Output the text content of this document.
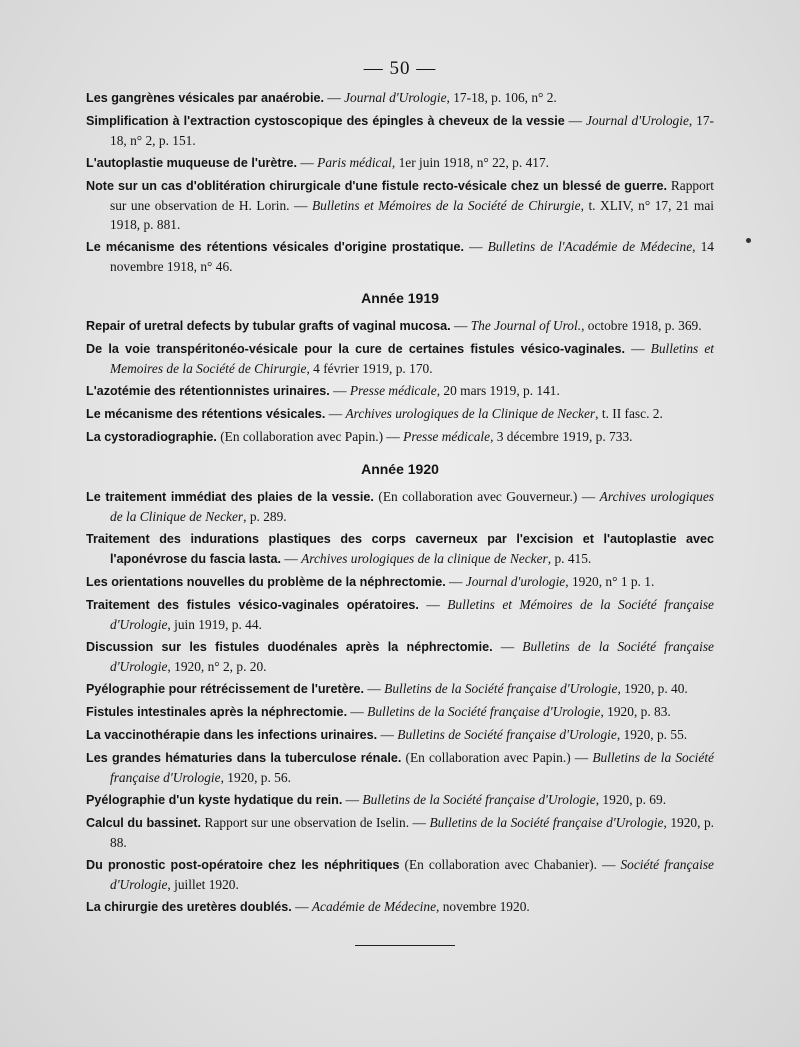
— 50 —
Les gangrènes vésicales par anaérobie. — Journal d'Urologie, 17-18, p. 106, n° 2.
Simplification à l'extraction cystoscopique des épingles à cheveux de la vessie — Journal d'Urologie, 17-18, n° 2, p. 151.
L'autoplastie muqueuse de l'urètre. — Paris médical, 1er juin 1918, n° 22, p. 417.
Note sur un cas d'oblitération chirurgicale d'une fistule recto-vésicale chez un blessé de guerre. Rapport sur une observation de H. Lorin. — Bulletins et Mémoires de la Société de Chirurgie, t. XLIV, n° 17, 21 mai 1918, p. 881.
Le mécanisme des rétentions vésicales d'origine prostatique. — Bulletins de l'Académie de Médecine, 14 novembre 1918, n° 46.
Année 1919
Repair of uretral defects by tubular grafts of vaginal mucosa. — The Journal of Urol., octobre 1918, p. 369.
De la voie transpéritonéo-vésicale pour la cure de certaines fistules vésico-vaginales. — Bulletins et Memoires de la Société de Chirurgie, 4 février 1919, p. 170.
L'azotémie des rétentionnistes urinaires. — Presse médicale, 20 mars 1919, p. 141.
Le mécanisme des rétentions vésicales. — Archives urologiques de la Clinique de Necker, t. II fasc. 2.
La cystoradiographie. (En collaboration avec Papin.) — Presse médicale, 3 décembre 1919, p. 733.
Année 1920
Le traitement immédiat des plaies de la vessie. (En collaboration avec Gouverneur.) — Archives urologiques de la Clinique de Necker, p. 289.
Traitement des indurations plastiques des corps caverneux par l'excision et l'autoplastie avec l'aponévrose du fascia lasta. — Archives urologiques de la clinique de Necker, p. 415.
Les orientations nouvelles du problème de la néphrectomie. — Journal d'urologie, 1920, n° 1 p. 1.
Traitement des fistules vésico-vaginales opératoires. — Bulletins et Mémoires de la Société française d'Urologie, juin 1919, p. 44.
Discussion sur les fistules duodénales après la néphrectomie. — Bulletins de la Société française d'Urologie, 1920, n° 2, p. 20.
Pyélographie pour rétrécissement de l'uretère. — Bulletins de la Société française d'Urologie, 1920, p. 40.
Fistules intestinales après la néphrectomie. — Bulletins de la Société française d'Urologie, 1920, p. 83.
La vaccinothérapie dans les infections urinaires. — Bulletins de Société française d'Urologie, 1920, p. 55.
Les grandes hématuries dans la tuberculose rénale. (En collaboration avec Papin.) — Bulletins de la Société française d'Urologie, 1920, p. 56.
Pyélographie d'un kyste hydatique du rein. — Bulletins de la Société française d'Urologie, 1920, p. 69.
Calcul du bassinet. Rapport sur une observation de Iselin. — Bulletins de la Société française d'Urologie, 1920, p. 88.
Du pronostic post-opératoire chez les néphritiques (En collaboration avec Chabanier). — Société française d'Urologie, juillet 1920.
La chirurgie des uretères doublés. — Académie de Médecine, novembre 1920.
